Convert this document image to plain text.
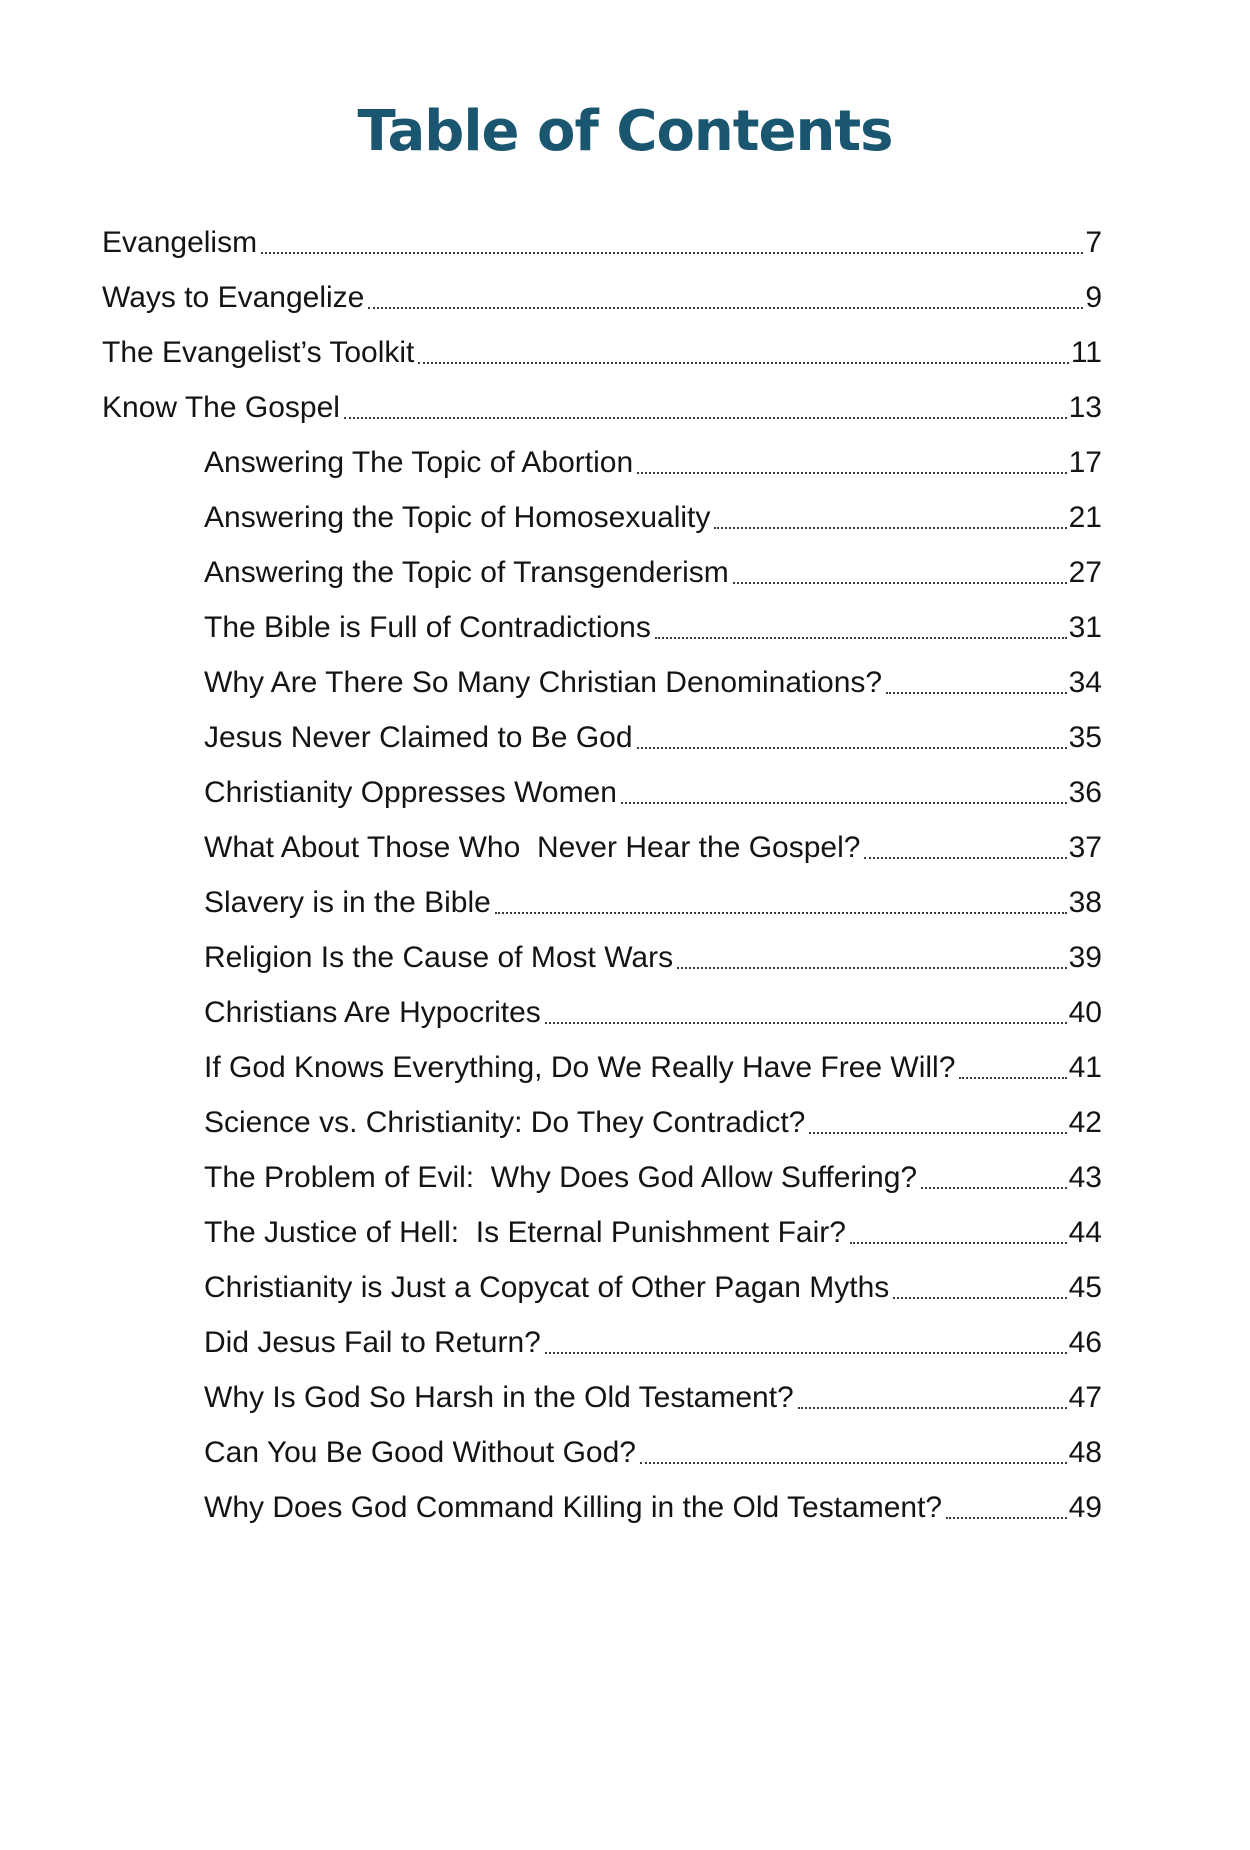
Table of Contents
Evangelism	7
Ways to Evangelize	9
The Evangelist’s Toolkit	11
Know The Gospel	13
Answering The Topic of Abortion	17
Answering the Topic of Homosexuality	21
Answering the Topic of Transgenderism	27
The Bible is Full of Contradictions	31
Why Are There So Many Christian Denominations?	34
Jesus Never Claimed to Be God	35
Christianity Oppresses Women	36
What About Those Who  Never Hear the Gospel?	37
Slavery is in the Bible	38
Religion Is the Cause of Most Wars	39
Christians Are Hypocrites	40
If God Knows Everything, Do We Really Have Free Will?	41
Science vs. Christianity: Do They Contradict?	42
The Problem of Evil:  Why Does God Allow Suffering?	43
The Justice of Hell:  Is Eternal Punishment Fair?	44
Christianity is Just a Copycat of Other Pagan Myths	45
Did Jesus Fail to Return?	46
Why Is God So Harsh in the Old Testament?	47
Can You Be Good Without God?	48
Why Does God Command Killing in the Old Testament?	49
